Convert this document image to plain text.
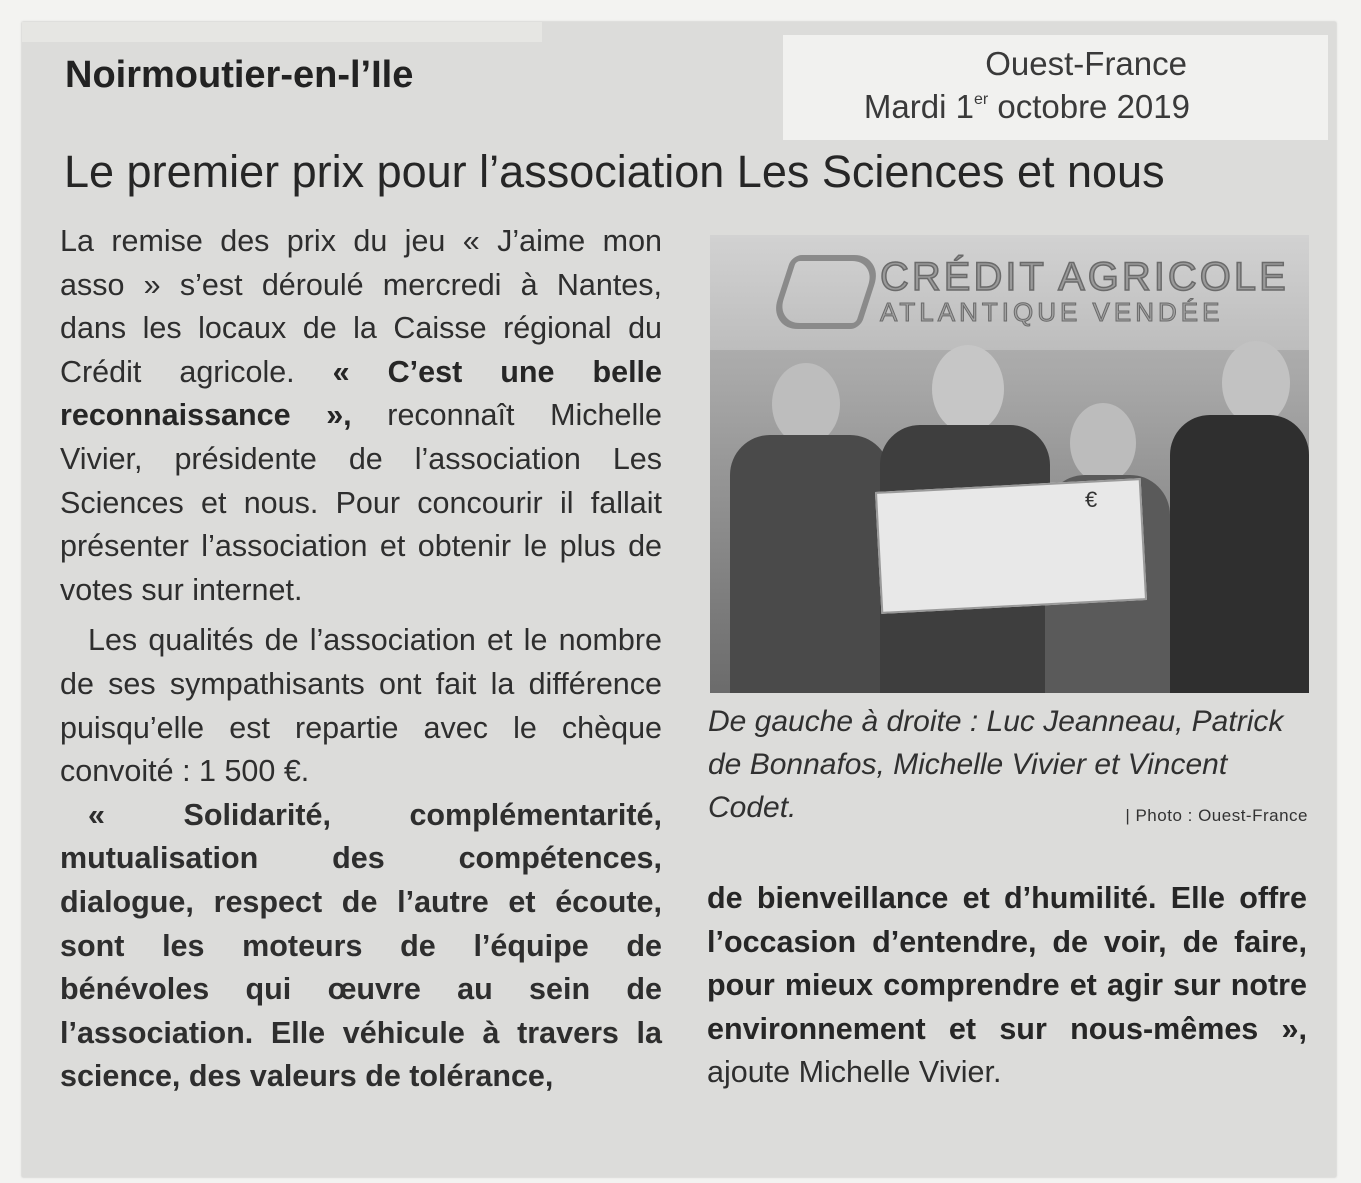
Ouest-France

Mardi 1er octobre 2019

Noirmoutier-en-l’Ile
Le premier prix pour l’association Les Sciences et nous

La remise des prix du jeu « J’aime mon asso » s’est déroulé mercredi à Nantes, dans les locaux de la Caisse régional du Crédit agricole. « C’est une belle reconnaissance », reconnaît Michelle Vivier, présidente de l’association Les Sciences et nous. Pour concourir il fallait présenter l’association et obtenir le plus de votes sur internet.

Les qualités de l’association et le nombre de ses sympathisants ont fait la différence puisqu’elle est repartie avec le chèque convoité : 1 500 €.

« Solidarité, complémentarité, mutualisation des compétences, dialogue, respect de l’autre et écoute, sont les moteurs de l’équipe de bénévoles qui œuvre au sein de l’association. Elle véhicule à travers la science, des valeurs de tolérance,

CRÉDIT AGRICOLE

ATLANTIQUE VENDÉE

€

De gauche à droite : Luc Jeanneau, Patrick de Bonnafos, Michelle Vivier et Vincent Codet.	| Photo : Ouest-France

de bienveillance et d’humilité. Elle offre l’occasion d’entendre, de voir, de faire, pour mieux comprendre et agir sur notre environnement et sur nous-mêmes », ajoute Michelle Vivier.
